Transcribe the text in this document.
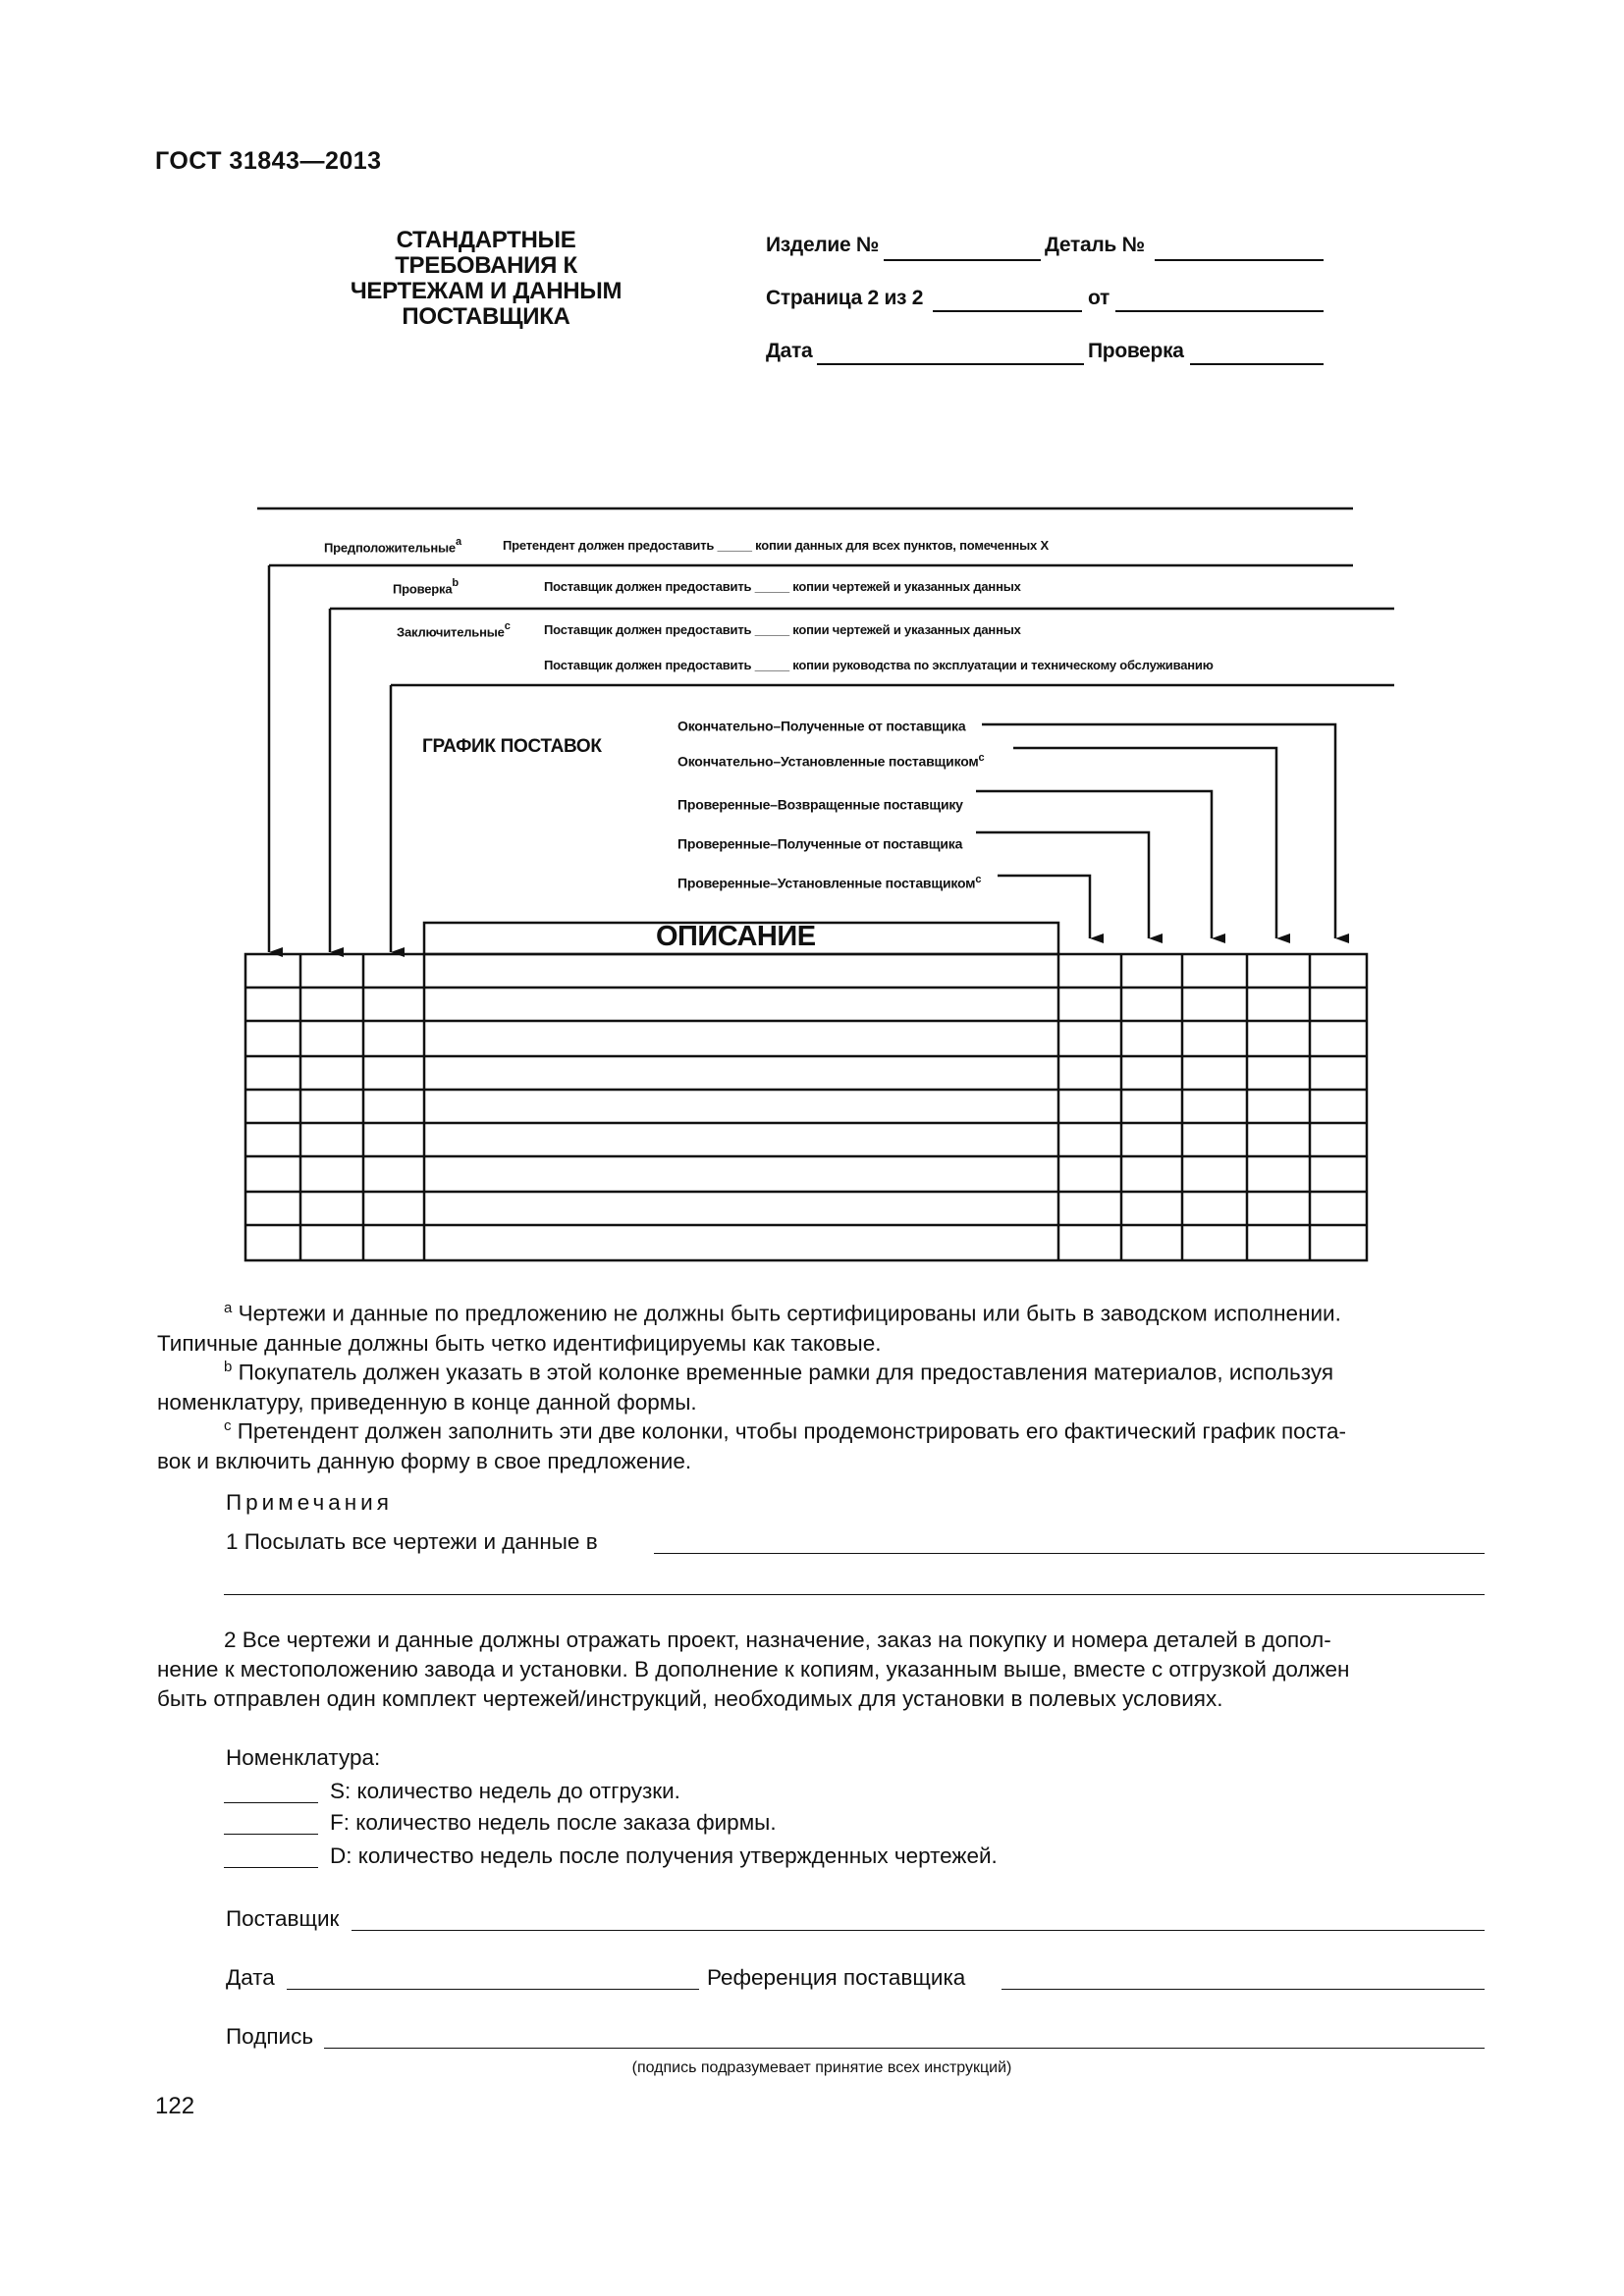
ГОСТ 31843—2013
СТАНДАРТНЫЕ
ТРЕБОВАНИЯ К
ЧЕРТЕЖАМ И ДАННЫМ
ПОСТАВЩИКА
Изделие №	Деталь №
Страница 2 из 2	от
Дата	Проверка
Предположительные$^a$	Претендент должен предоставить _____ копии данных для всех пунктов, помеченных X
Проверка$^b$	Поставщик должен предоставить _____ копии чертежей и указанных данных
Заключительные$^c$	Поставщик должен предоставить _____ копии чертежей и указанных данных
Поставщик должен предоставить _____ копии руководства по эксплуатации и техническому обслуживанию
ГРАФИК ПОСТАВОК
Окончательно–Полученные от поставщика
Окончательно–Установленные поставщиком$^c$
Проверенные–Возвращенные поставщику
Проверенные–Полученные от поставщика
Проверенные–Установленные поставщиком$^c$
ОПИСАНИЕ
$^a$ Чертежи и данные по предложению не должны быть сертифицированы или быть в заводском исполнении.
Типичные данные должны быть четко идентифицируемы как таковые.
$^b$ Покупатель должен указать в этой колонке временные рамки для предоставления материалов, используя
номенклатуру, приведенную в конце данной формы.
$^c$ Претендент должен заполнить эти две колонки, чтобы продемонстрировать его фактический график поста-
вок и включить данную форму в свое предложение.
Примечания
1 Посылать все чертежи и данные в
2 Все чертежи и данные должны отражать проект, назначение, заказ на покупку и номера деталей в допол-
нение к местоположению завода и установки. В дополнение к копиям, указанным выше, вместе с отгрузкой должен
быть отправлен один комплект чертежей/инструкций, необходимых для установки в полевых условиях.
Номенклатура:
S: количество недель до отгрузки.
F: количество недель после заказа фирмы.
D: количество недель после получения утвержденных чертежей.
Поставщик
Дата	Референция поставщика
Подпись
(подпись подразумевает принятие всех инструкций)
122
